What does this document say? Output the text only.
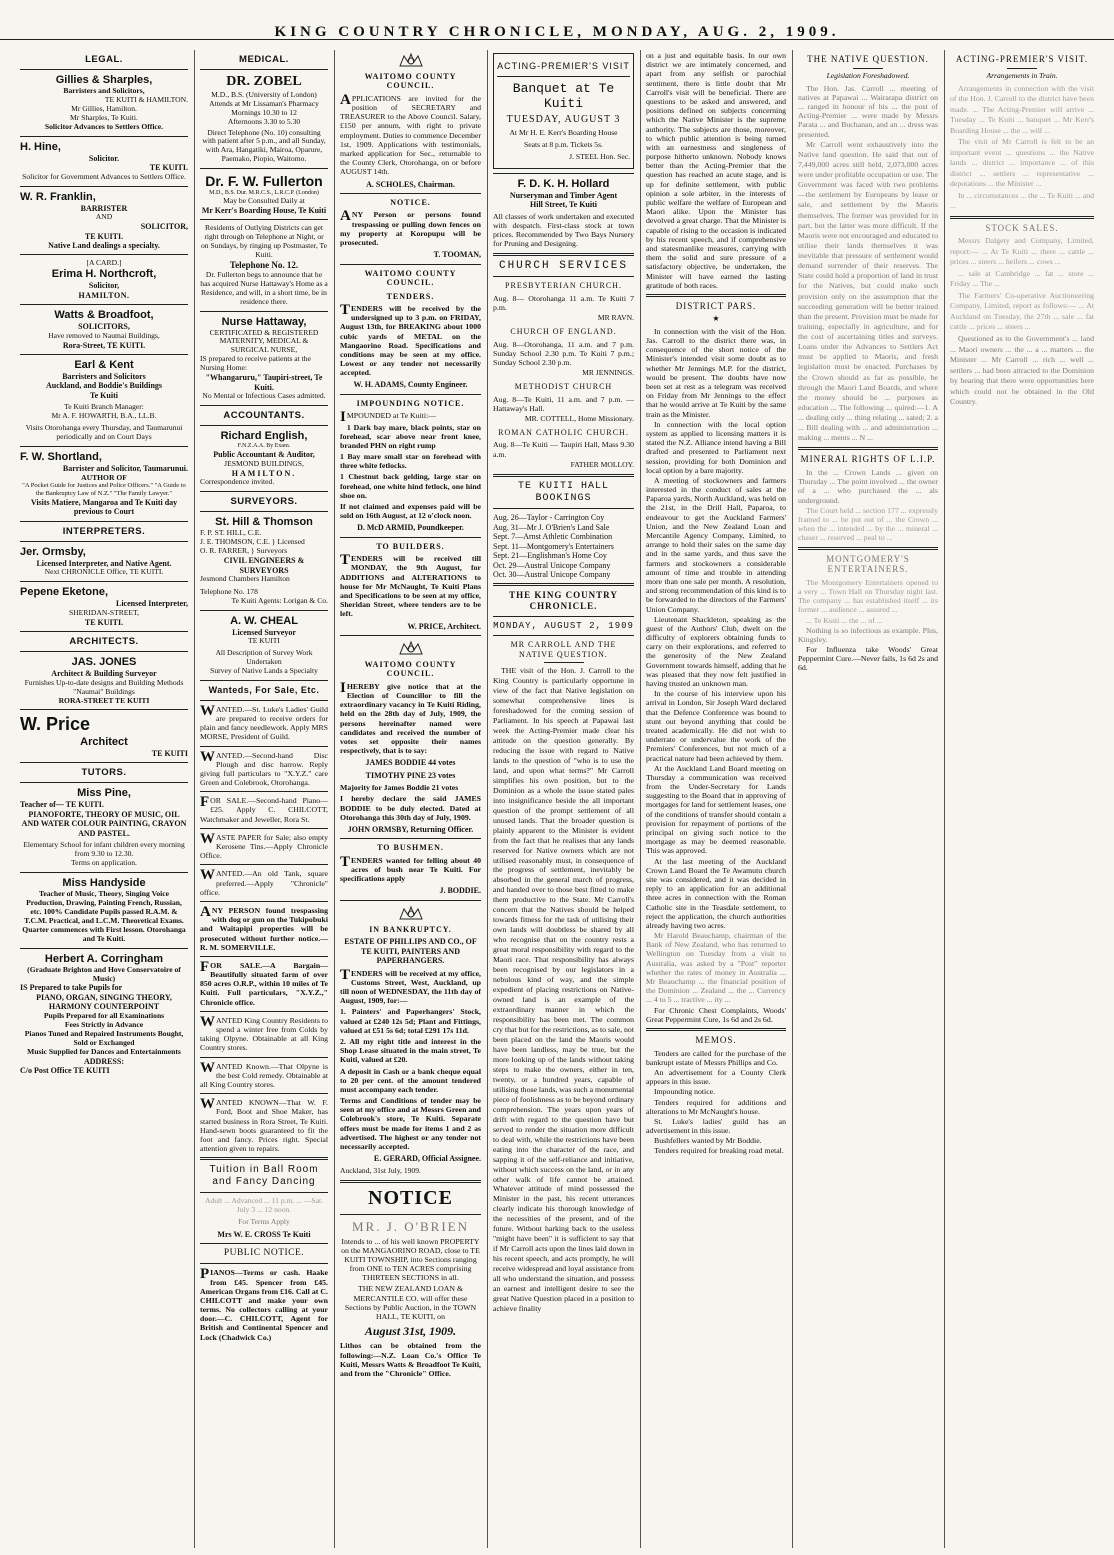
KING COUNTRY CHRONICLE, MONDAY, AUG. 2, 1909.
LEGAL.
Gillies & Sharples,
Barristers and Solicitors,
TE KUITI & HAMILTON.
Mr Gillies, Hamilton.
Mr Sharples, Te Kuiti.
Solicitor Advances to Settlers Office.
H. Hine,
Solicitor.
TE KUITI.
Solicitor for Government Advances to Settlers Office.
W. R. Franklin,
BARRISTER
AND
SOLICITOR,
TE KUITI.
Native Land dealings a specialty.
[A CARD.]
Erima H. Northcroft,
Solicitor,
HAMILTON.
Watts & Broadfoot,
SOLICITORS,
Have removed to Naumai Buildings,
Rora-Street, TE KUITI.
Earl & Kent
Barristers and Solicitors
Auckland, and Boddie's Buildings
Te Kuiti
Te Kuiti Branch Manager:
Mr A. F. HOWARTH, B.A., LL.B.
Visits Otorohanga every Thursday, and Taumarunui periodically and on Court Days
F. W. Shortland,
Barrister and Solicitor, Taumarunui.
AUTHOR OF
"A Pocket Guide for Justices and Police Officers." "A Guide to the Bankruptcy Law of N.Z." "The Family Lawyer."
Visits Matiere, Mangaroa and Te Kuiti day previous to Court
INTERPRETERS.
Jer. Ormsby,
Licensed Interpreter, and Native Agent.
Next CHRONICLE Office, TE KUITI.
Pepene Eketone,
Licensed Interpreter,
SHERIDAN-STREET,
TE KUITI.
ARCHITECTS.
JAS. JONES
Architect & Building Surveyor
Furnishes Up-to-date designs and Building Methods
"Naumai" Buildings
RORA-STREET TE KUITI
W. Price
Architect
TE KUITI
TUTORS.
Miss Pine,
Teacher of— TE KUITI.
PIANOFORTE, THEORY OF MUSIC, OIL AND WATER COLOUR PAINTING, CRAYON AND PASTEL.
Elementary School for infant children every morning from 9.30 to 12.30.
Terms on application.
Miss Handyside
Teacher of Music, Theory, Singing Voice Production, Drawing, Painting French, Russian, etc. 100% Candidate Pupils passed R.A.M. & T.C.M. Practical, and L.C.M. Theoretical Exams. Quarter commences with First lesson. Otorohanga and Te Kuiti.
Herbert A. Corringham
(Graduate Brighton and Hove Conservatoire of Music)
IS Prepared to take Pupils for
PIANO, ORGAN, SINGING THEORY, HARMONY COUNTERPOINT
Pupils Prepared for all Examinations
Fees Strictly in Advance
Pianos Tuned and Repaired Instruments Bought, Sold or Exchanged
Music Supplied for Dances and Entertainments
ADDRESS:
C/o Post Office TE KUITI
MEDICAL.
DR. ZOBEL
M.D., B.S. (University of London) Attends at Mr Lissaman's Pharmacy
Mornings 10.30 to 12
Afternoons 3.30 to 5.30
Direct Telephone (No. 10) consulting with patient after 5 p.m., and all Sunday, with Ara, Hangatiki, Mairoa, Oparure, Paemako, Piopio, Waitomo.
Dr. F. W. Fullerton
M.D., B.S. Dur. M.R.C.S., L.R.C.P. (London)
May be Consulted Daily at
Mr Kerr's Boarding House, Te Kuiti
Residents of Outlying Districts can get right through on Telephone at Night, or on Sundays, by ringing up Postmaster, Te Kuiti.
Telephone No. 12.
Dr. Fullerton begs to announce that he has acquired Nurse Hattaway's Home as a Residence, and will, in a short time, be in residence there.
Nurse Hattaway,
CERTIFICATED & REGISTERED MATERNITY, MEDICAL & SURGICAL NURSE,
IS prepared to receive patients at the Nursing Home:
"Whangaruru," Taupiri-street, Te Kuiti.
No Mental or Infectious Cases admitted.
ACCOUNTANTS.
Richard English,
F.N.Z.A.A. By Exam.
Public Accountant & Auditor,
JESMOND BUILDINGS,
HAMILTON.
Correspondence invited.
SURVEYORS.
St. Hill & Thomson
F. P. ST. HILL, C.E.
J. E. THOMSON, C.E. } Licensed
O. R. FARRER, } Surveyors
CIVIL ENGINEERS & SURVEYORS
Jesmond Chambers Hamilton
Telephone No. 178
Te Kuiti Agents: Lorigan & Co.
A. W. CHEAL
Licensed Surveyor
TE KUITI
All Description of Survey Work Undertaken
Survey of Native Lands a Specialty
Wanteds, For Sale, Etc.
WANTED.—St. Luke's Ladies' Guild are prepared to receive orders for plain and fancy needlework. Apply MRS MORSE, President of Guild.
WANTED.—Second-hand Disc Plough and disc harrow. Reply giving full particulars to "X.Y.Z." care Green and Colebrook, Otorohanga.
FOR SALE.—Second-hand Piano—£25. Apply C. CHILCOTT, Watchmaker and Jeweller, Rora St.
WASTE PAPER for Sale; also empty Kerosene Tins.—Apply Chronicle Office.
WANTED.—An old Tank, square preferred.—Apply "Chronicle" office.
ANY PERSON found trespassing with dog or gun on the Tukipobuki and Waitapipi properties will be prosecuted without further notice.—R. M. SOMERVILLE.
FOR SALE.—A Bargain—Beautifully situated farm of over 850 acres O.R.P., within 10 miles of Te Kuiti. Full particulars, "X.Y.Z.," Chronicle office.
WANTED King Country Residents to spend a winter free from Colds by taking Olpyne. Obtainable at all King Country stores.
WANTED Known.—That Olpyne is the best Cold remedy. Obtainable at all King Country stores.
WANTED KNOWN—That W. F. Ford, Boot and Shoe Maker, has started business in Rora Street, Te Kuiti. Hand-sewn boots guaranteed to fit the foot and fancy. Prices right. Special attention given to repairs.
Tuition in Ball Room and Fancy Dancing
Adult ... Advanced ... 11 p.m. ... —Sat. July 3 ... 12 noon.
For Terms Apply
Mrs W. E. CROSS Te Kuiti
PUBLIC NOTICE.
PIANOS—Terms or cash. Haake from £45. Spencer from £45. American Organs from £16. Call at C. CHILCOTT and make your own terms. No collectors calling at your door.—C. CHILCOTT, Agent for British and Continental Spencer and Lock (Chadwick Co.)
WAITOMO COUNTY COUNCIL.
APPLICATIONS are invited for the position of SECRETARY and TREASURER to the Above Council. Salary, £150 per annum, with right to private employment. Duties to commence December 1st, 1909. Applications with testimonials, marked application for Sec., returnable to the County Clerk, Otorohanga, on or before AUGUST 14th.
A. SCHOLES, Chairman.
NOTICE.
ANY Person or persons found trespassing or pulling down fences on my property at Koropupu will be prosecuted.
T. TOOMAN,
WAITOMO COUNTY COUNCIL.
TENDERS.
TENDERS will be received by the undersigned up to 3 p.m. on FRIDAY, August 13th, for BREAKING about 1000 cubic yards of METAL on the Mangaorino Road. Specifications and conditions may be seen at my office. Lowest or any tender not necessarily accepted.
W. H. ADAMS, County Engineer.
IMPOUNDING NOTICE.
IMPOUNDED at Te Kuiti:—
1 Dark bay mare, black points, star on forehead, scar above near front knee, branded PHN on right rump
1 Bay mare small star on forehead with three white fetlocks.
1 Chestnut back gelding, large star on forehead, one white hind fetlock, one hind shoe on.
If not claimed and expenses paid will be sold on 16th August, at 12 o'clock noon.
D. McD ARMID, Poundkeeper.
TO BUILDERS.
TENDERS will be received till MONDAY, the 9th August, for ADDITIONS and ALTERATIONS to house for Mr McNaught, Te Kuiti Plans and Specifications to be seen at my office, Sheridan Street, where tenders are to be left.
W. PRICE, Architect.
WAITOMO COUNTY COUNCIL.
IHEREBY give notice that at the Election of Councillor to fill the extraordinary vacancy in Te Kuiti Riding, held on the 28th day of July, 1909, the persons hereinafter named were candidates and received the number of votes set opposite their names respectively, that is to say:
JAMES BODDIE 44 votes
TIMOTHY PINE 23 votes
Majority for James Boddie 21 votes
I hereby declare the said JAMES BODDIE to be duly elected. Dated at Otorohanga this 30th day of July, 1909.
JOHN ORMSBY, Returning Officer.
TO BUSHMEN.
TENDERS wanted for felling about 40 acres of bush near Te Kuiti. For specifications apply
J. BODDIE.
IN BANKRUPTCY.
ESTATE OF PHILLIPS AND CO., OF TE KUITI, PAINTERS AND PAPERHANGERS.
TENDERS will be received at my office, Customs Street, West, Auckland, up till noon of WEDNESDAY, the 11th day of August, 1909, for:—
1. Painters' and Paperhangers' Stock, valued at £240 12s 5d; Plant and Fittings, valued at £51 5s 6d; total £291 17s 11d.
2. All my right title and interest in the Shop Lease situated in the main street, Te Kuiti, valued at £20.
A deposit in Cash or a bank cheque equal to 20 per cent. of the amount tendered must accompany each tender.
Terms and Conditions of tender may be seen at my office and at Messrs Green and Colebrook's store, Te Kuiti. Separate offers must be made for items 1 and 2 as advertised. The highest or any tender not necessarily accepted.
E. GERARD, Official Assignee.
Auckland, 31st July, 1909.
NOTICE
MR. J. O'BRIEN
Intends to ... of his well known PROPERTY on the MANGAORINO ROAD, close to TE KUITI TOWNSHIP, into Sections ranging from ONE to TEN ACRES comprising THIRTEEN SECTIONS in all.
THE NEW ZEALAND LOAN & MERCANTILE CO. will offer these Sections by Public Auction, in the TOWN HALL, TE KUITI, on
August 31st, 1909.
Lithos can be obtained from the following:—N.Z. Loan Co.'s Office Te Kuiti, Messrs Watts & Broadfoot Te Kuiti, and from the "Chronicle" Office.
ACTING-PREMIER'S VISIT
Banquet at Te Kuiti
TUESDAY, AUGUST 3
At Mr H. E. Kerr's Boarding House
Seats at 8 p.m. Tickets 5s.
J. STEEL Hon. Sec.
F. D. K. H. Hollard
Nurseryman and Timber Agent
Hill Street, Te Kuiti
All classes of work undertaken and executed with despatch. First-class stock at town prices. Recommended by Two Bays Nursery for Pruning and Designing.
CHURCH SERVICES
PRESBYTERIAN CHURCH.
Aug. 8— Otorohanga 11 a.m. Te Kuiti 7 p.m.
MR RAVN.
CHURCH OF ENGLAND.
Aug. 8—Otorohanga, 11 a.m. and 7 p.m. Sunday School 2.30 p.m. Te Kuiti 7 p.m.; Sunday School 2.30 p.m.
MR JENNINGS.
METHODIST CHURCH
Aug. 8—Te Kuiti, 11 a.m. and 7 p.m. —Hattaway's Hall.
MR. COTTELL, Home Missionary.
ROMAN CATHOLIC CHURCH.
Aug. 8—Te Kuiti — Taupiri Hall, Mass 9.30 a.m.
FATHER MOLLOY.
TE KUITI HALL BOOKINGS
Aug. 26—Taylor - Carrington Coy
Aug. 31—Mr J. O'Brien's Land Sale
Sept. 7—Arnst Athletic Combination
Sept. 11—Montgomery's Entertainers
Sept. 21—Englishman's Home Coy
Oct. 29—Austral Unicope Company
Oct. 30—Austral Unicope Company
THE KING COUNTRY CHRONICLE.
MONDAY, AUGUST 2, 1909
MR CARROLL AND THE NATIVE QUESTION.
THE visit of the Hon. J. Carroll to the King Country is particularly opportune in view of the fact that Native legislation on somewhat comprehensive lines is foreshadowed for the coming session of Parliament. In his speech at Papawai last week the Acting-Premier made clear his attitude on the question generally. By reducing the issue with regard to Native lands to the question of "who is to use the land, and upon what terms?" Mr Carroll simplifies his own position, but to the Dominion as a whole the issue stated pales into insignificance beside the all important question of the prompt settlement of all unused lands. That the broader question is plainly apparent to the Minister is evident from the fact that he realises that any lands reserved for Native owners which are not utilised reasonably must, in consequence of the progress of settlement, inevitably be absorbed in the general march of progress, and handed over to those best fitted to make them productive to the State. Mr Carroll's concern that the Natives should be helped towards fitness for the task of utilising their own lands will doubtless be shared by all who recognise that on the country rests a great moral responsibility with regard to the Maori race. That responsibility has always been recognised by our legislators in a nebulous kind of way, and the simple expedient of placing restrictions on Native-owned land is an example of the extraordinary manner in which the responsibility has been met. The common cry that but for the restrictions, as to sale, not been placed on the land the Maoris would have been landless, may be true, but the more looking up of the lands without taking steps to make the owners, either in ten, twenty, or a hundred years, capable of utilising those lands, was such a monumental piece of foolishness as to be beyond ordinary comprehension. The years upon years of drift with regard to the question have but served to render the situation more difficult to deal with, while the restrictions have been eating into the character of the race, and sapping it of the self-reliance and initiative, without which success on the land, or in any other walk of life cannot be attained. Whatever attitude of mind possessed the Minister in the past, his recent utterances clearly indicate his thorough knowledge of the necessities of the present, and of the future. Without harking back to the useless "might have been" it is sufficient to say that if Mr Carroll acts upon the lines laid down in his recent speech, and acts promptly, he will receive widespread and loyal assistance from all who understand the situation, and possess an earnest and intelligent desire to see the great Native Question placed in a position to achieve finality
on a just and equitable basis. In our own district we are intimately concerned, and apart from any selfish or parochial sentiment, there is little doubt that Mr Carroll's visit will be beneficial. There are questions to be asked and answered, and positions defined on subjects concerning which the Native Minister is the supreme authority. The subjects are those, moreover, to which public attention is being turned with an earnestness and singleness of purpose hitherto unknown. Nobody knows better than the Acting-Premier that the question has reached an acute stage, and is up for definite settlement, with public opinion a sole arbiter, in the interests of public welfare the welfare of European and Maori alike. Upon the Minister has devolved a great charge. That the Minister is capable of rising to the occasion is indicated by his recent speech, and if comprehensive and statesmanlike measures, carrying with them the solid and sure pressure of a satisfactory objective, be undertaken, the Minister will have earned the lasting gratitude of both races.
DISTRICT PARS.
★
In connection with the visit of the Hon. Jas. Carroll to the district there was, in consequence of the short notice of the Minister's intended visit some doubt as to whether Mr Jennings M.P. for the district, would be present. The doubts have now been set at rest as a telegram was received on Friday from Mr Jennings to the effect that he would arrive at Te Kuiti by the same train as the Minister.
In connection with the local option system as applied to licensing matters it is stated the N.Z. Alliance intend having a Bill drafted and presented to Parliament next session, providing for both Dominion and local option by a bare majority.
A meeting of stockowners and farmers interested in the conduct of sales at the Paparoa yards, North Auckland, was held on the 21st, in the Drill Hall, Paparoa, to endeavour to get the Auckland Farmers' Union, and the New Zealand Loan and Mercantile Agency Company, Limited, to arrange to hold their sales on the same day and in the same yards, and thus save the farmers and stockowners a considerable amount of time and trouble in attending more than one sale per month. A resolution, and strong recommendation of this kind is to be forwarded to the directors of the Farmers' Union Company.
Lieutenant Shackleton, speaking as the guest of the Authors' Club, dwelt on the difficulty of explorers obtaining funds to carry on their explorations, and referred to the generosity of the New Zealand Government towards himself, adding that he was pleased that they now felt justified in having trusted an unknown man.
In the course of his interview upon his arrival in London, Sir Joseph Ward declared that the Defence Conference was bound to stunt out beyond anything that could be treated academically. He did not wish to underrate or undervalue the work of the Premiers' Conferences, but not much of a practical nature had been achieved by them.
At the Auckland Land Board meeting on Thursday a communication was received from the Under-Secretary for Lands suggesting to the Board that in approving of mortgages for land for settlement leases, one of the conditions of transfer should contain a provision for repayment of portions of the principal on giving such notice to the mortgage as may be deemed reasonable. This was approved.
At the last meeting of the Auckland Crown Land Board the Te Awamutu church site was considered, and it was decided in reply to an application for an additional three acres in connection with the Roman Catholic site in the Teasdale settlement, to reject the application, the church authorities already having two acres.
Mr Harold Beauchamp, chairman of the Bank of New Zealand, who has returned to Wellington on Tuesday from a visit to Australia, was asked by a "Post" reporter whether the rates of money in Australia ... Mr Beauchamp ... the financial position of the Dominion ... Zealand ... the ... Currency ... 4 to 5 ... tractive ... ity ...
For Chronic Chest Complaints, Woods' Great Peppermint Cure, 1s 6d and 2s 6d.
MEMOS.
Tenders are called for the purchase of the bankrupt estate of Messrs Phillips and Co.
An advertisement for a County Clerk appears in this issue.
Impounding notice.
Tenders required for additions and alterations to Mr McNaught's house.
St. Luke's ladies' guild has an advertisement in this issue.
Bushfellers wanted by Mr Boddie.
Tenders required for breaking road metal.
THE NATIVE QUESTION.
Legislation Foreshadowed.
The Hon. Jas. Carroll ... meeting of natives at Papawai ... Wairarapa district on ... ranged in honour of his ... the post of Acting-Premier ... were made by Messrs Parata ... and Buchanan, and an ... dress was presented.
Mr Carroll went exhaustively into the Native land question. He said that out of 7,449,000 acres still held, 2,073,000 acres were under profitable occupation or use. The Government was faced with two problems—the settlement by Europeans by lease or sale, and settlement by the Maoris themselves. The former was provided for in part, but the latter was more difficult. If the Maoris were not encouraged and educated to utilise their lands themselves it was inevitable that pressure of settlement would demand surrender of their reserves. The State could hold a proportion of land in trust for the Natives, but could make such provision only on the assumption that the succeeding generation will be better trained than the present. Provision must be made for training, especially in agriculture, and for the cost of ascertaining titles and surveys. Loans under the Advances to Settlers Act must be applied to Maoris, and fresh legislation must be enacted. Purchases by the Crown should as far as possible, be through the Maori Land Boards, and where the money should be ... purposes as education ... The following ... quired:—1. A ... dealing only ... thing relating ... sated; 2. a ... Bill dealing with ... and administration ... making ... ments ... N ...
MINERAL RIGHTS OF L.I.P.
In the ... Crown Lands ... given on Thursday ... The point involved ... the owner of a ... who purchased the ... als underground.
The Court held ... section 177 ... expressly framed to ... be put out of ... the Crown ... when the ... intended ... by the ... mineral ... chaser ... reserved ... peal to ...
MONTGOMERY'S ENTERTAINERS.
The Montgomery Entertainers opened to a very ... Town Hall on Thursday night last. The company ... has established itself ... its former ... audience ... assured ...
... Te Kuiti ... the ... of ...
Nothing is so infectious as example. Plus, Kingsley.
For Influenza take Woods' Great Peppermint Cure.—Never fails, 1s 6d 2s and 6d.
ACTING-PREMIER'S VISIT.
Arrangements in Train.
Arrangements in connection with the visit of the Hon. J. Carroll to the district have been made. ... The Acting-Premier will arrive ... Tuesday ... Te Kuiti ... banquet ... Mr Kerr's Boarding House ... the ... will ...
The visit of Mr Carroll is felt to be an important event ... questions ... the Native lands ... district ... importance ... of this district ... settlers ... representative ... deputations ... the Minister ...
In ... circumstances ... the ... Te Kuiti ... and ...
STOCK SALES.
Messrs Dalgety and Company, Limited, report:— ... At Te Kuiti ... there ... cattle ... prices ... steers ... heifers ... cows ...
... sale at Cambridge ... fat ... store ... Friday ... The ...
The Farmers' Co-operative Auctioneering Company, Limited, report as follows:— ... At Auckland on Tuesday, the 27th ... sale ... fat cattle ... prices ... steers ...
Questioned as to the Government's ... land ... Maori owners ... the ... a ... matters ... the Minister ... Mr Carroll ... rich ... well ... settlers ... had been attracted to the Dominion by hearing that there were opportunities here which could not be obtained in the Old Country.
